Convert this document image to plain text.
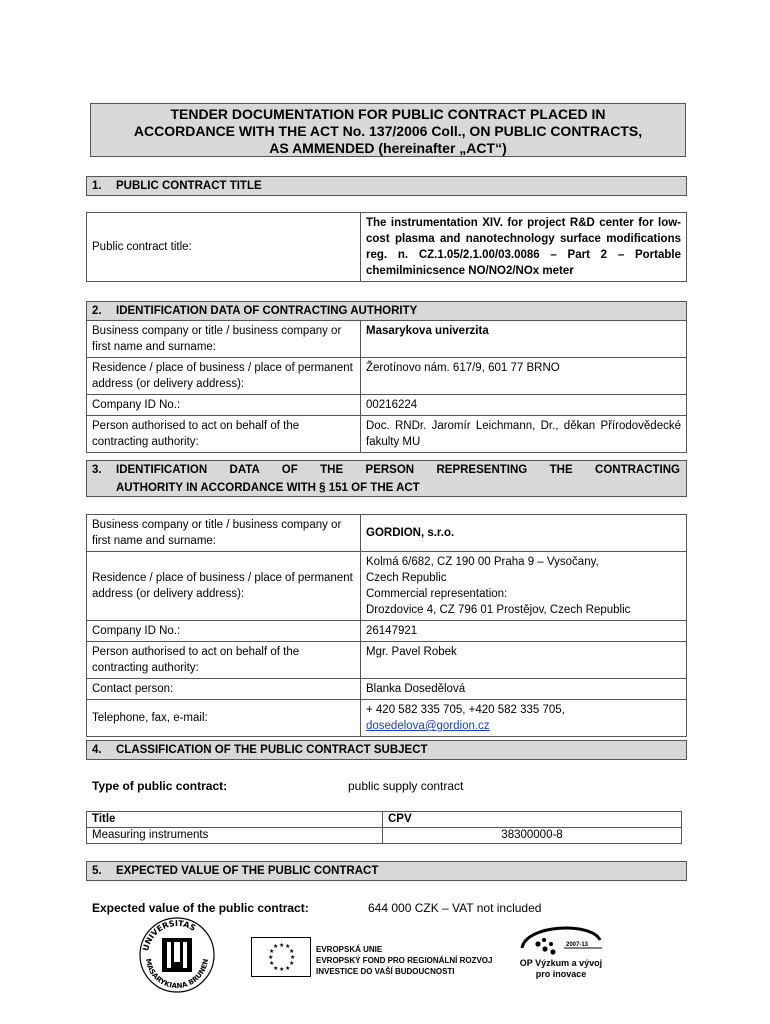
TENDER DOCUMENTATION FOR PUBLIC CONTRACT PLACED IN
ACCORDANCE WITH THE ACT No. 137/2006 Coll., ON PUBLIC CONTRACTS,
AS AMMENDED (hereinafter „ACT“)
1. PUBLIC CONTRACT TITLE
Public contract title:	The instrumentation XIV. for project R&D center for low-cost plasma and nanotechnology surface modifications reg. n. CZ.1.05/2.1.00/03.0086 – Part 2 – Portable chemilminicsence NO/NO2/NOx meter
2. IDENTIFICATION DATA OF CONTRACTING AUTHORITY
Business company or title / business company or first name and surname:	Masarykova univerzita
Residence / place of business / place of permanent address (or delivery address):	Žerotínovo nám. 617/9, 601 77 BRNO
Company ID No.:	00216224
Person authorised to act on behalf of the contracting authority:	Doc. RNDr. Jaromír Leichmann, Dr., děkan Přírodovědecké fakulty MU
3.	IDENTIFICATION DATA OF THE PERSON REPRESENTING THE CONTRACTING
AUTHORITY IN ACCORDANCE WITH § 151 OF THE ACT
Business company or title / business company or first name and surname:	GORDION, s.r.o.
Residence / place of business / place of permanent address (or delivery address):	Kolmá 6/682, CZ 190 00 Praha 9 – Vysočany,
Czech Republic
Commercial representation:
Drozdovice 4, CZ 796 01 Prostějov, Czech Republic

Company ID No.:	26147921
Person authorised to act on behalf of the contracting authority:	Mgr. Pavel Robek
Contact person:	Blanka Dosedělová
Telephone, fax, e-mail:	+ 420 582 335 705, +420 582 335 705,
dosedelova@gordion.cz
4. CLASSIFICATION OF THE PUBLIC CONTRACT SUBJECT
Type of public contract:	public supply contract
Title	CPV
Measuring instruments	38300000-8
5. EXPECTED VALUE OF THE PUBLIC CONTRACT
Expected value of the public contract:	644 000 CZK – VAT not included
UNIVERSITAS
MASARYKIANA BRUNEN
★ ★
★
★
★
★
★
★
★
★
★
★	EVROPSKÁ UNIE
EVROPSKÝ FOND PRO REGIONÁLNÍ ROZVOJ
INVESTICE DO VAŠÍ BUDOUCNOSTI
2007-13
OP Výzkum a vývoj
pro inovace
